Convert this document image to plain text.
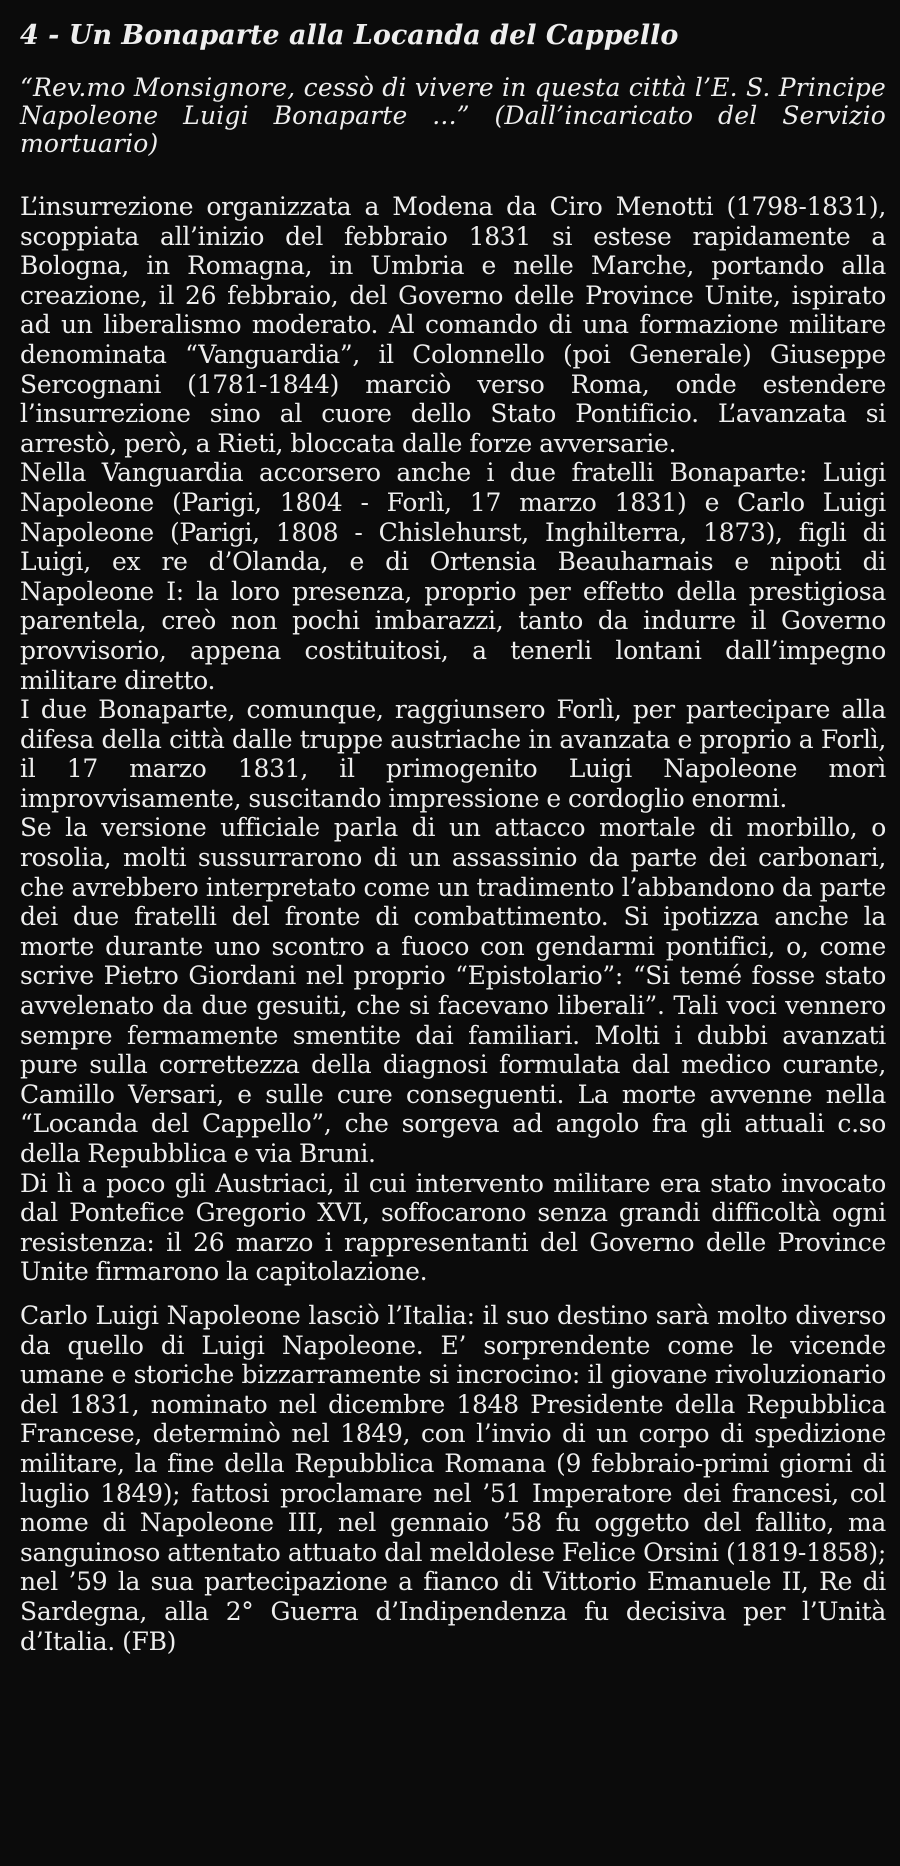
4 - Un Bonaparte alla Locanda del Cappello
“Rev.mo Monsignore, cessò di vivere in questa città l’E. S. Principe Napoleone Luigi Bonaparte ...” (Dall’incaricato del Servizio mortuario)

L’insurrezione organizzata a Modena da Ciro Menotti (1798-1831), scoppiata all’inizio del febbraio 1831 si estese rapidamente a Bologna, in Romagna, in Umbria e nelle Marche, portando alla creazione, il 26 febbraio, del Governo delle Province Unite, ispirato ad un liberalismo moderato. Al comando di una formazione militare denominata “Vanguardia”, il Colonnello (poi Generale) Giuseppe Sercognani (1781-1844) marciò verso Roma, onde estendere l’insurrezione sino al cuore dello Stato Pontificio. L’avanzata si arrestò, però, a Rieti, bloccata dalle forze avversarie.

Nella Vanguardia accorsero anche i due fratelli Bonaparte: Luigi Napoleone (Parigi, 1804 - Forlì, 17 marzo 1831) e Carlo Luigi Napoleone (Parigi, 1808 - Chislehurst, Inghilterra, 1873), figli di Luigi, ex re d’Olanda, e di Ortensia Beauharnais e nipoti di Napoleone I: la loro presenza, proprio per effetto della prestigiosa parentela, creò non pochi imbarazzi, tanto da indurre il Governo provvisorio, appena costituitosi, a tenerli lontani dall’impegno militare diretto.

I due Bonaparte, comunque, raggiunsero Forlì, per partecipare alla difesa della città dalle truppe austriache in avanzata e proprio a Forlì, il 17 marzo 1831, il primogenito Luigi Napoleone morì improvvisamente, suscitando impressione e cordoglio enormi.

Se la versione ufficiale parla di un attacco mortale di morbillo, o rosolia, molti sussurrarono di un assassinio da parte dei carbonari, che avrebbero interpretato come un tradimento l’abbandono da parte dei due fratelli del fronte di combattimento. Si ipotizza anche la morte durante uno scontro a fuoco con gendarmi pontifici, o, come scrive Pietro Giordani nel proprio “Epistolario”: “Si temé fosse stato avvelenato da due gesuiti, che si facevano liberali”. Tali voci vennero sempre fermamente smentite dai familiari. Molti i dubbi avanzati pure sulla correttezza della diagnosi formulata dal medico curante, Camillo Versari, e sulle cure conseguenti. La morte avvenne nella “Locanda del Cappello”, che sorgeva ad angolo fra gli attuali c.so della Repubblica e via Bruni.

Di lì a poco gli Austriaci, il cui intervento militare era stato invocato dal Pontefice Gregorio XVI, soffocarono senza grandi difficoltà ogni resistenza: il 26 marzo i rappresentanti del Governo delle Province Unite firmarono la capitolazione.

Carlo Luigi Napoleone lasciò l’Italia: il suo destino sarà molto diverso da quello di Luigi Napoleone. E’ sorprendente come le vicende umane e storiche bizzarramente si incrocino: il giovane rivoluzionario del 1831, nominato nel dicembre 1848 Presidente della Repubblica Francese, determinò nel 1849, con l’invio di un corpo di spedizione militare, la fine della Repubblica Romana (9 febbraio-primi giorni di luglio 1849); fattosi proclamare nel ’51 Imperatore dei francesi, col nome di Napoleone III, nel gennaio ’58 fu oggetto del fallito, ma sanguinoso attentato attuato dal meldolese Felice Orsini (1819-1858); nel ’59 la sua partecipazione a fianco di Vittorio Emanuele II, Re di Sardegna, alla 2° Guerra d’Indipendenza fu decisiva per l’Unità d’Italia. (FB)
